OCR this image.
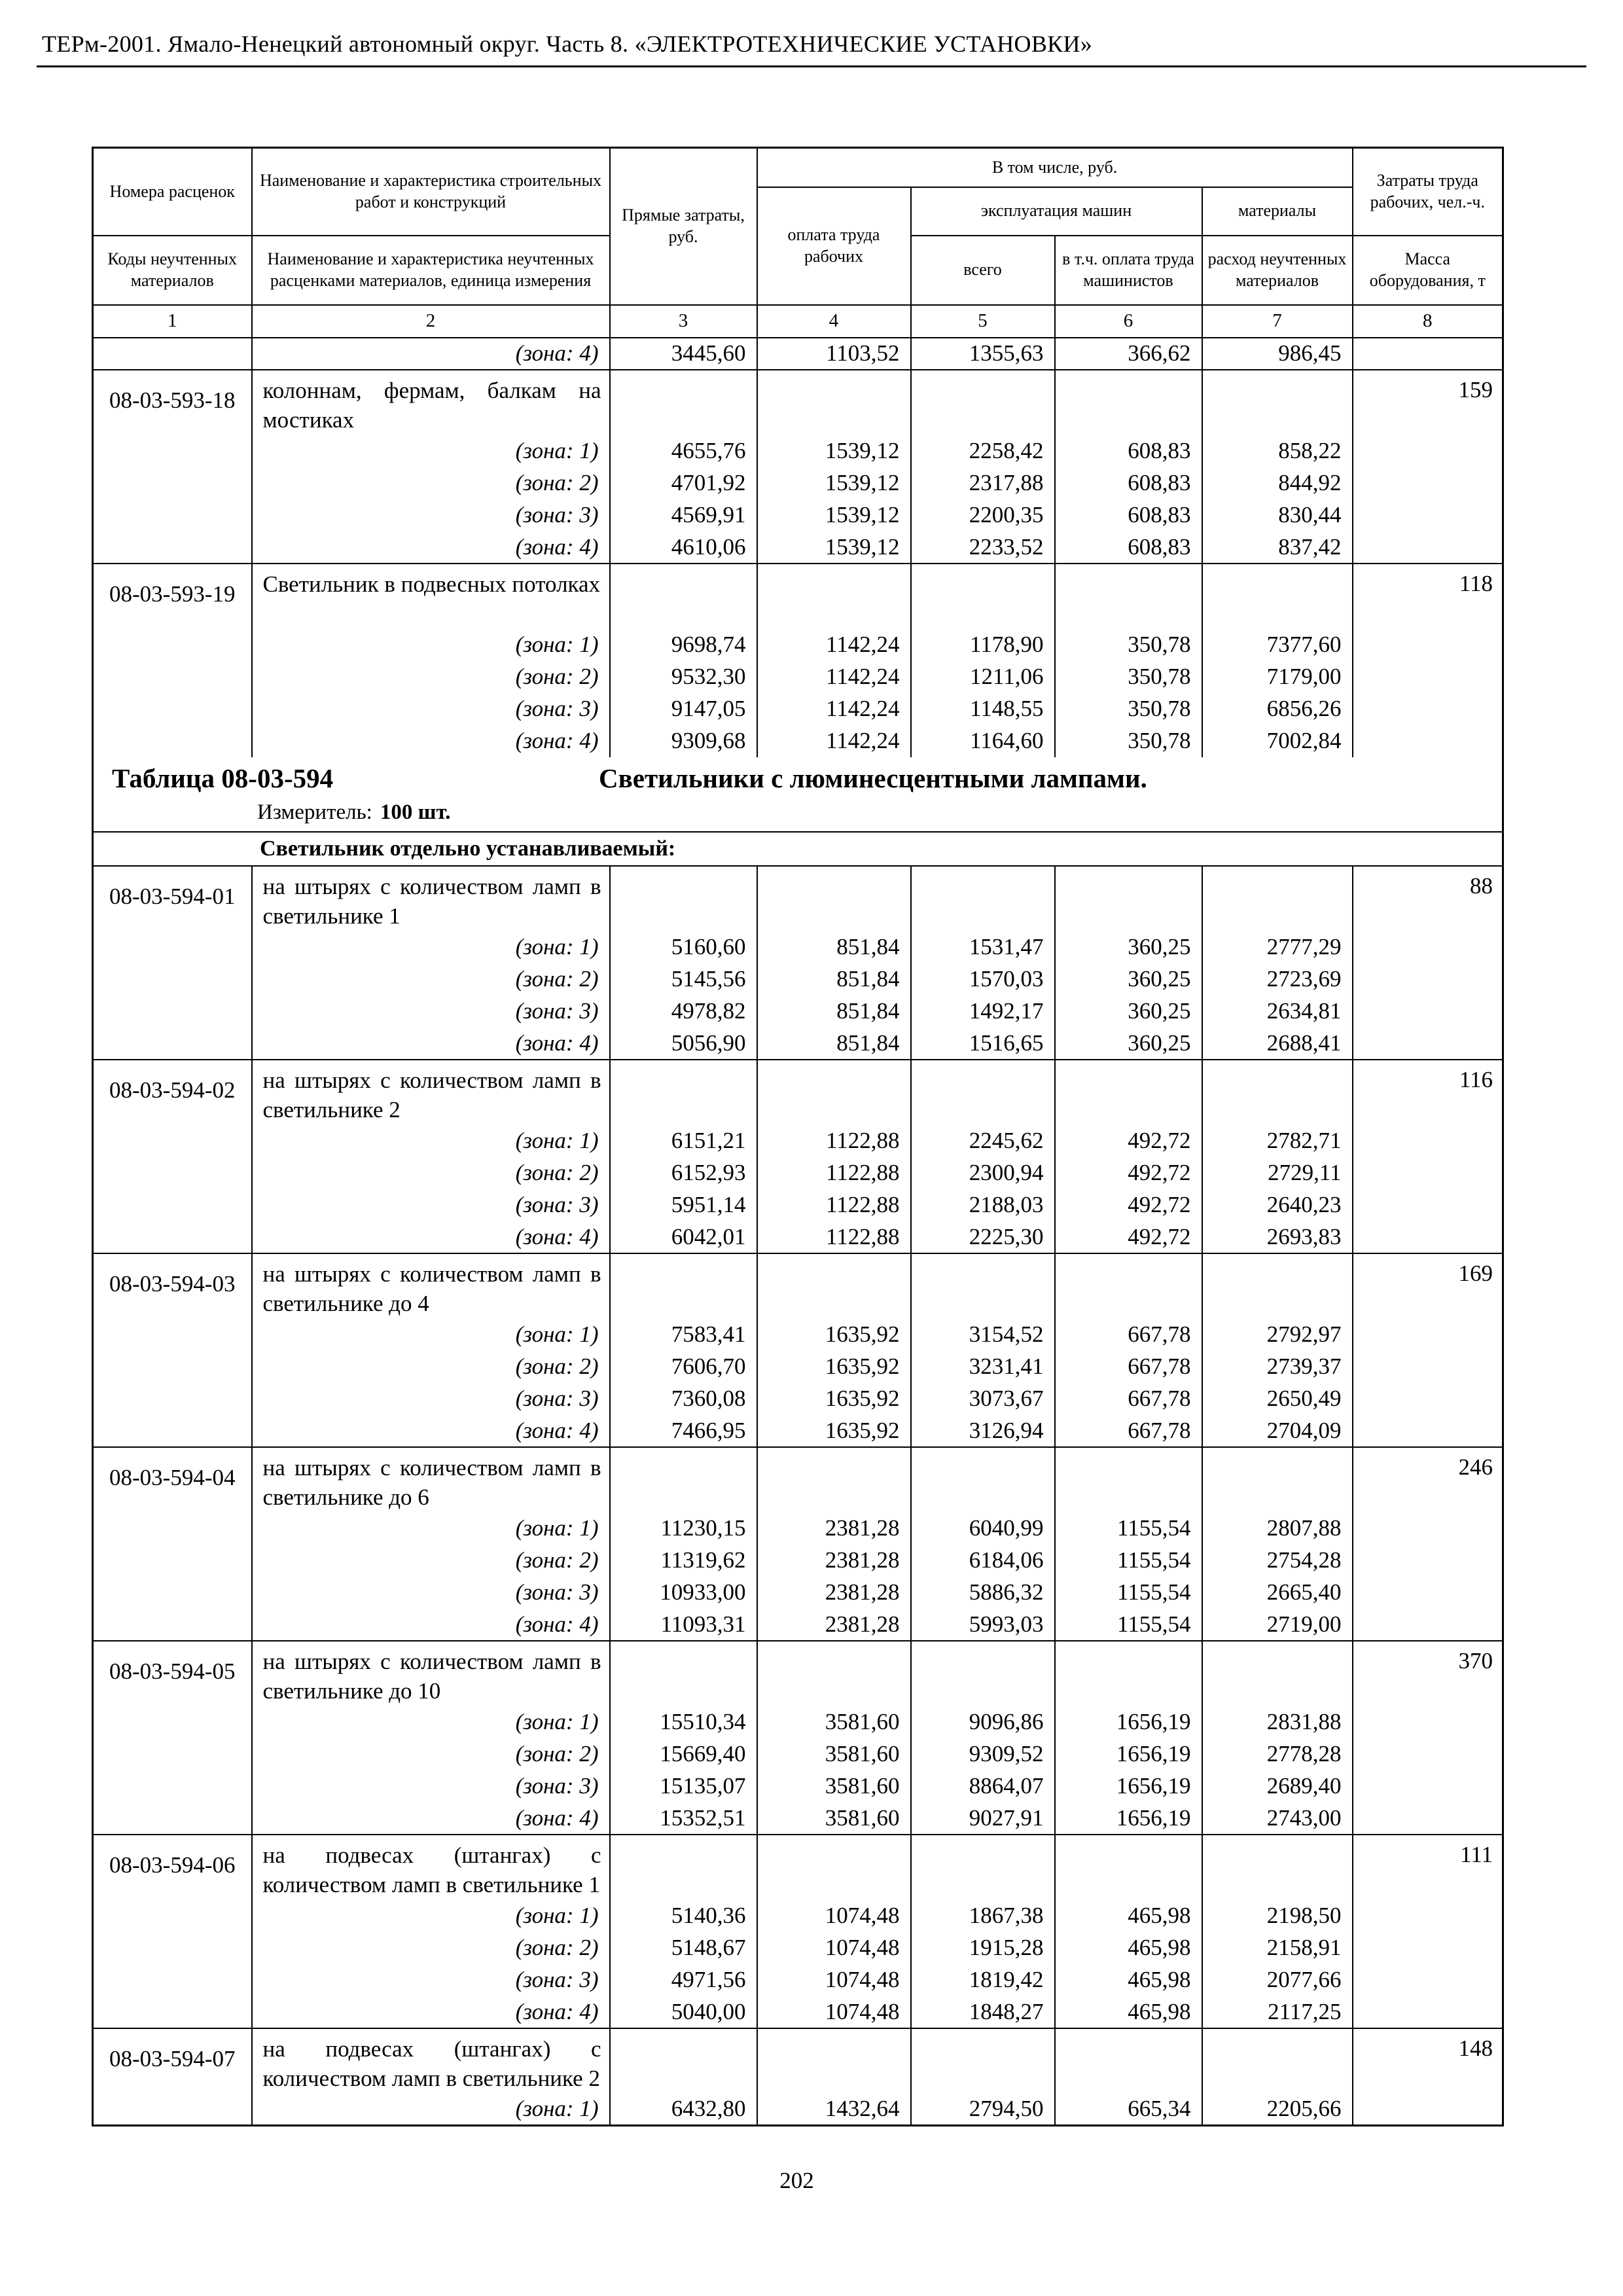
ТЕРм-2001. Ямало-Ненецкий автономный округ. Часть 8. «ЭЛЕКТРОТЕХНИЧЕСКИЕ УСТАНОВКИ»
Номера расценок	Наименование и характеристика строительных работ и конструкций	Прямые затраты, руб.	В том числе, руб.				Затраты труда рабочих, чел.-ч.
			оплата труда рабочих	эксплуатация машин		материалы	
Коды неучтенных материалов	Наименование и характеристика неучтенных расценками материалов, единица измерения			всего	в т.ч. оплата труда машинистов	расход неучтенных материалов	Масса оборудования, т
1	2	3	4	5	6	7	8
	(зона: 4)	3445,60	1103,52	1355,63	366,62	986,45	
08-03-593-18	колоннам, фермам, балкам на мостиках						159
	(зона: 1)	4655,76	1539,12	2258,42	608,83	858,22	
	(зона: 2)	4701,92	1539,12	2317,88	608,83	844,92	
	(зона: 3)	4569,91	1539,12	2200,35	608,83	830,44	
	(зона: 4)	4610,06	1539,12	2233,52	608,83	837,42	
08-03-593-19	Светильник в подвесных потолках						118
	(зона: 1)	9698,74	1142,24	1178,90	350,78	7377,60	
	(зона: 2)	9532,30	1142,24	1211,06	350,78	7179,00	
	(зона: 3)	9147,05	1142,24	1148,55	350,78	6856,26	
	(зона: 4)	9309,68	1142,24	1164,60	350,78	7002,84	

Таблица 08-03-594 Светильники с люминесцентными лампами.							

Измеритель: 100 шт.							
Светильник отдельно устанавливаемый:							
08-03-594-01	на штырях с количеством ламп в светильнике 1						88
	(зона: 1)	5160,60	851,84	1531,47	360,25	2777,29	
	(зона: 2)	5145,56	851,84	1570,03	360,25	2723,69	
	(зона: 3)	4978,82	851,84	1492,17	360,25	2634,81	
	(зона: 4)	5056,90	851,84	1516,65	360,25	2688,41	
08-03-594-02	на штырях с количеством ламп в светильнике 2						116
	(зона: 1)	6151,21	1122,88	2245,62	492,72	2782,71	
	(зона: 2)	6152,93	1122,88	2300,94	492,72	2729,11	
	(зона: 3)	5951,14	1122,88	2188,03	492,72	2640,23	
	(зона: 4)	6042,01	1122,88	2225,30	492,72	2693,83	
08-03-594-03	на штырях с количеством ламп в светильнике до 4						169
	(зона: 1)	7583,41	1635,92	3154,52	667,78	2792,97	
	(зона: 2)	7606,70	1635,92	3231,41	667,78	2739,37	
	(зона: 3)	7360,08	1635,92	3073,67	667,78	2650,49	
	(зона: 4)	7466,95	1635,92	3126,94	667,78	2704,09	
08-03-594-04	на штырях с количеством ламп в светильнике до 6						246
	(зона: 1)	11230,15	2381,28	6040,99	1155,54	2807,88	
	(зона: 2)	11319,62	2381,28	6184,06	1155,54	2754,28	
	(зона: 3)	10933,00	2381,28	5886,32	1155,54	2665,40	
	(зона: 4)	11093,31	2381,28	5993,03	1155,54	2719,00	
08-03-594-05	на штырях с количеством ламп в светильнике до 10						370
	(зона: 1)	15510,34	3581,60	9096,86	1656,19	2831,88	
	(зона: 2)	15669,40	3581,60	9309,52	1656,19	2778,28	
	(зона: 3)	15135,07	3581,60	8864,07	1656,19	2689,40	
	(зона: 4)	15352,51	3581,60	9027,91	1656,19	2743,00	
08-03-594-06	на подвесах (штангах) с количеством ламп в светильнике 1						111
	(зона: 1)	5140,36	1074,48	1867,38	465,98	2198,50	
	(зона: 2)	5148,67	1074,48	1915,28	465,98	2158,91	
	(зона: 3)	4971,56	1074,48	1819,42	465,98	2077,66	
	(зона: 4)	5040,00	1074,48	1848,27	465,98	2117,25	
08-03-594-07	на подвесах (штангах) с количеством ламп в светильнике 2						148
	(зона: 1)	6432,80	1432,64	2794,50	665,34	2205,66	
202
